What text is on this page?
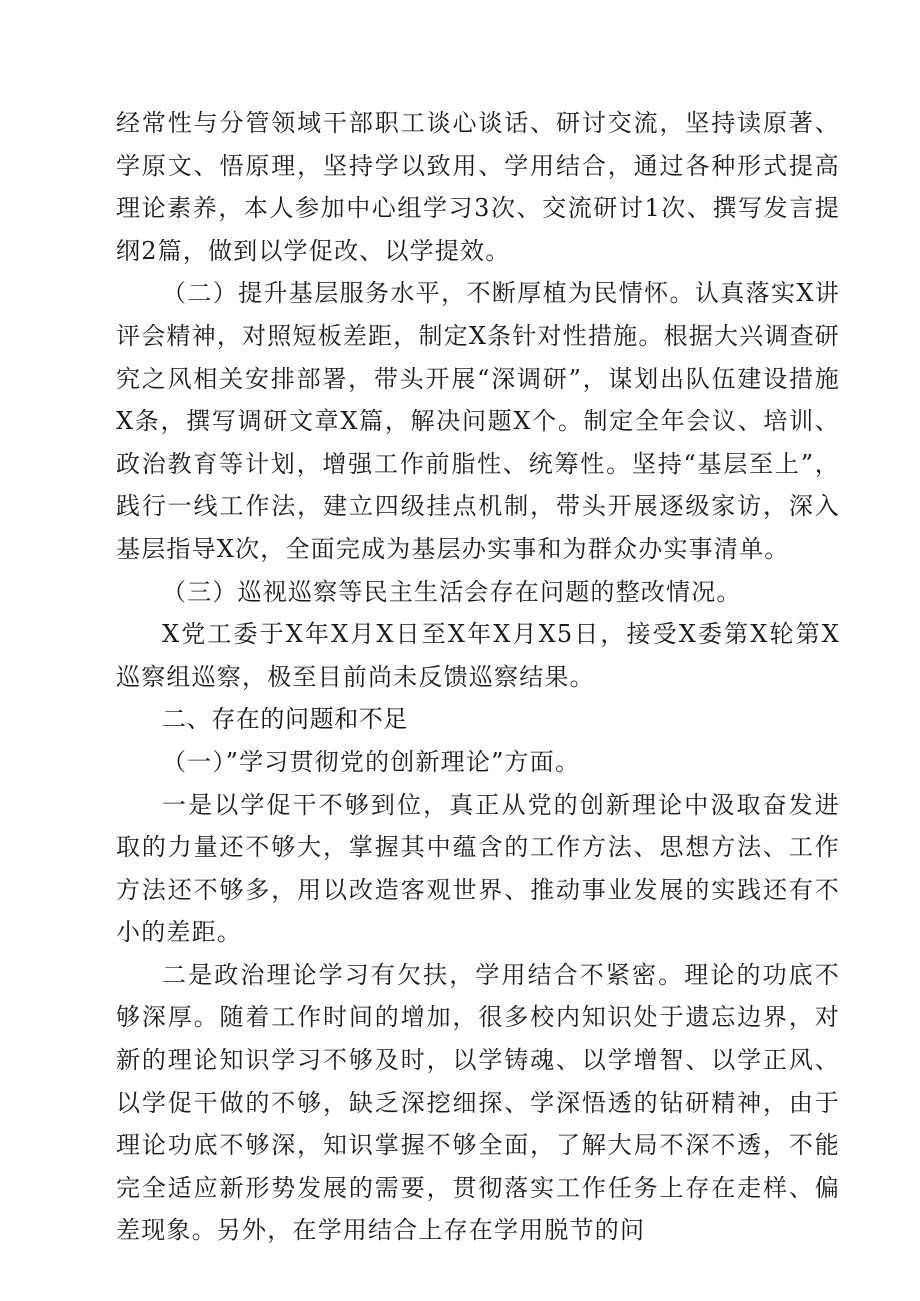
经常性与分管领域干部职工谈心谈话、研讨交流，坚持读原著、学原文、悟原理，坚持学以致用、学用结合，通过各种形式提高理论素养，本人参加中心组学习3次、交流研讨1次、撰写发言提纲2篇，做到以学促改、以学提效。

（二）提升基层服务水平，不断厚植为民情怀。认真落实X讲评会精神，对照短板差距，制定X条针对性措施。根据大兴调查研究之风相关安排部署，带头开展“深调研”，谋划出队伍建设措施X条，撰写调研文章X篇，解决问题X个。制定全年会议、培训、政治教育等计划，增强工作前脂性、统筹性。坚持“基层至上”，践行一线工作法，建立四级挂点机制，带头开展逐级家访，深入基层指导X次，全面完成为基层办实事和为群众办实事清单。

（三）巡视巡察等民主生活会存在问题的整改情况。

X党工委于X年X月X日至X年X月X5日，接受X委第X轮第X巡察组巡察，极至目前尚未反馈巡察结果。

二、存在的问题和不足

（一）”学习贯彻党的创新理论”方面。

一是以学促干不够到位，真正从党的创新理论中汲取奋发进取的力量还不够大，掌握其中蕴含的工作方法、思想方法、工作方法还不够多，用以改造客观世界、推动事业发展的实践还有不小的差距。

二是政治理论学习有欠扶，学用结合不紧密。理论的功底不够深厚。随着工作时间的增加，很多校内知识处于遗忘边界，对新的理论知识学习不够及时，以学铸魂、以学增智、以学正风、以学促干做的不够，缺乏深挖细探、学深悟透的钻研精神，由于理论功底不够深，知识掌握不够全面，了解大局不深不透，不能完全适应新形势发展的需要，贯彻落实工作任务上存在走样、偏差现象。另外，在学用结合上存在学用脱节的问
